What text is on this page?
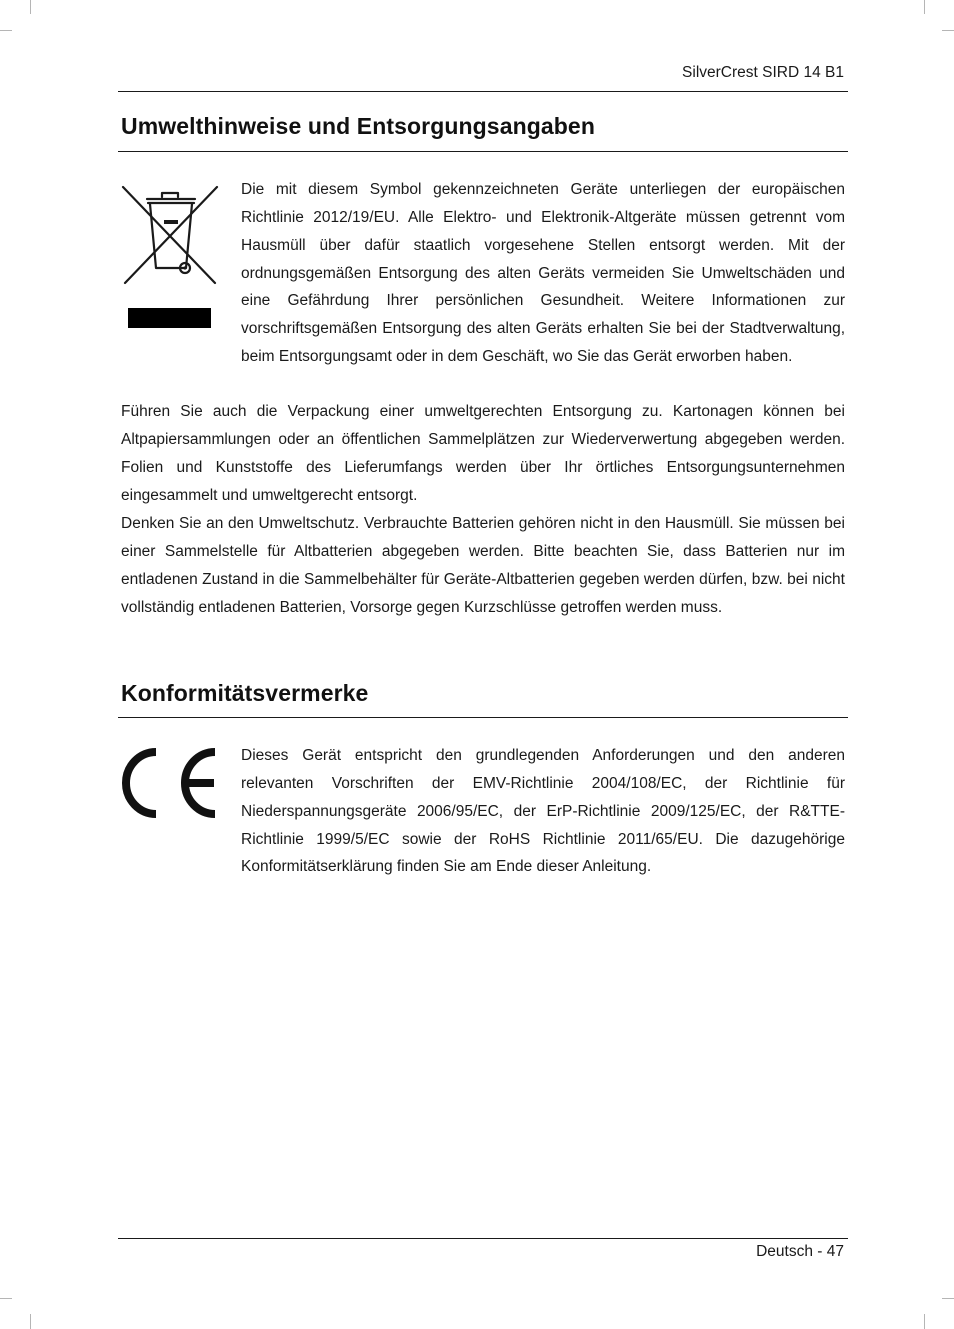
SilverCrest SIRD 14 B1
Umwelthinweise und Entsorgungsangaben

Die mit diesem Symbol gekennzeichneten Geräte unterliegen der europäischen Richtlinie 2012/19/EU. Alle Elektro- und Elektronik-Altgeräte müssen getrennt vom Hausmüll über dafür staatlich vorgesehene Stellen entsorgt werden. Mit der ordnungsgemäßen Entsorgung des alten Geräts vermeiden Sie Umweltschäden und eine Gefährdung Ihrer persönlichen Gesundheit. Weitere Informationen zur vorschriftsgemäßen Entsorgung des alten Geräts erhalten Sie bei der Stadtverwaltung, beim Entsorgungsamt oder in dem Geschäft, wo Sie das Gerät erworben haben.

Führen Sie auch die Verpackung einer umweltgerechten Entsorgung zu. Kartonagen können bei Altpapiersammlungen oder an öffentlichen Sammelplätzen zur Wiederverwertung abgegeben werden. Folien und Kunststoffe des Lieferumfangs werden über Ihr örtliches Entsorgungsunternehmen eingesammelt und umweltgerecht entsorgt.

Denken Sie an den Umweltschutz. Verbrauchte Batterien gehören nicht in den Hausmüll. Sie müssen bei einer Sammelstelle für Altbatterien abgegeben werden. Bitte beachten Sie, dass Batterien nur im entladenen Zustand in die Sammelbehälter für Geräte-Altbatterien gegeben werden dürfen, bzw. bei nicht vollständig entladenen Batterien, Vorsorge gegen Kurzschlüsse getroffen werden muss.

Konformitätsvermerke

Dieses Gerät entspricht den grundlegenden Anforderungen und den anderen relevanten Vorschriften der EMV-Richtlinie 2004/108/EC, der Richtlinie für Niederspannungsgeräte 2006/95/EC, der ErP-Richtlinie 2009/125/EC, der R&TTE-Richtlinie 1999/5/EC sowie der RoHS Richtlinie 2011/65/EU. Die dazugehörige Konformitätserklärung finden Sie am Ende dieser Anleitung.

Deutsch - 47
